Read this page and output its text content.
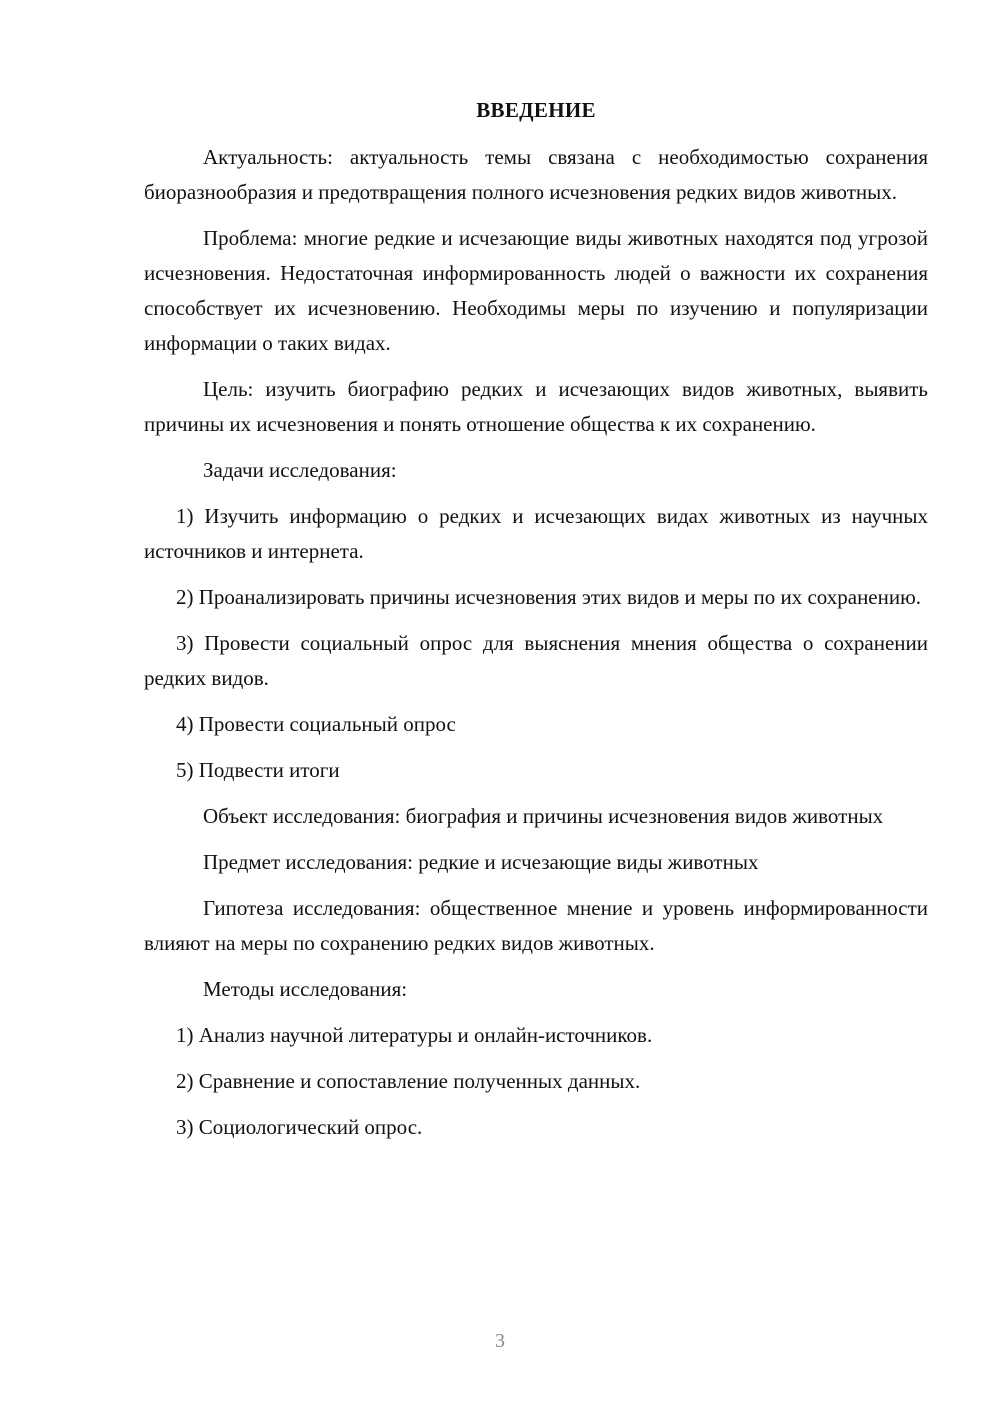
ВВЕДЕНИЕ

Актуальность: актуальность темы связана с необходимостью сохранения биоразнообразия и предотвращения полного исчезновения редких видов животных.

Проблема: многие редкие и исчезающие виды животных находятся под угрозой исчезновения. Недостаточная информированность людей о важности их сохранения способствует их исчезновению. Необходимы меры по изучению и популяризации информации о таких видах.

Цель: изучить биографию редких и исчезающих видов животных, выявить причины их исчезновения и понять отношение общества к их сохранению.

Задачи исследования:

1) Изучить информацию о редких и исчезающих видах животных из научных источников и интернета.

2) Проанализировать причины исчезновения этих видов и меры по их сохранению.

3) Провести социальный опрос для выяснения мнения общества о сохранении редких видов.

4) Провести социальный опрос

5) Подвести итоги

Объект исследования: биография и причины исчезновения видов животных

Предмет исследования: редкие и исчезающие виды животных

Гипотеза исследования: общественное мнение и уровень информированности влияют на меры по сохранению редких видов животных.

Методы исследования:

1) Анализ научной литературы и онлайн-источников.

2) Сравнение и сопоставление полученных данных.

3) Социологический опрос.

3
